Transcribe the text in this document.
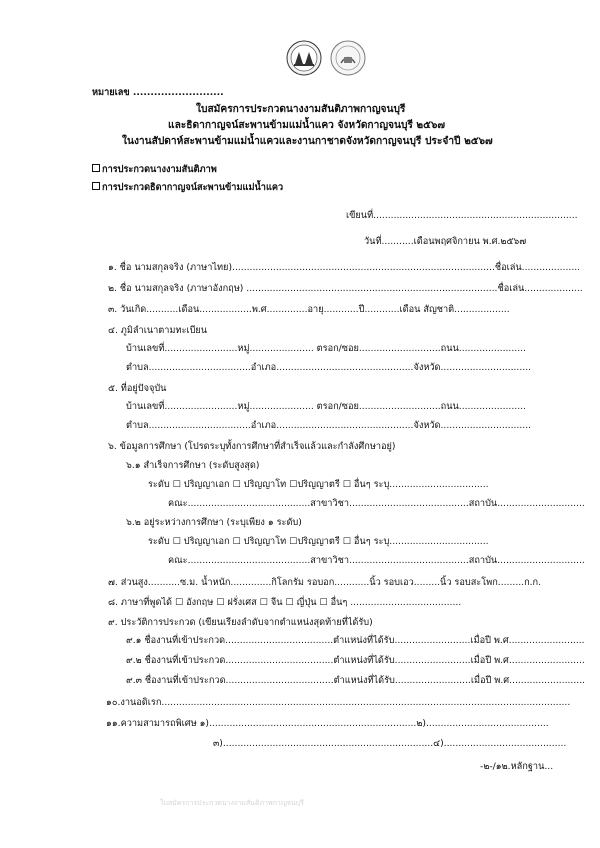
หมายเลข ..........................
ใบสมัครการประกวดนางงามสันติภาพกาญจนบุรี
และธิดากาญจน์สะพานข้ามแม่น้ำแคว จังหวัดกาญจนบุรี ๒๕๖๗
ในงานสัปดาห์สะพานข้ามแม่น้ำแควและงานกาชาดจังหวัดกาญจนบุรี ประจำปี ๒๕๖๗
การประกวดนางงามสันติภาพ
การประกวดธิดากาญจน์สะพานข้ามแม่น้ำแคว
เขียนที่......................................................................
วันที่...........เดือนพฤศจิกายน พ.ศ.๒๕๖๗
๑. ชื่อ นามสกุลจริง (ภาษาไทย)..........................................................................................ชื่อเล่น....................
๒. ชื่อ นามสกุลจริง (ภาษาอังกฤษ) ......................................................................................ชื่อเล่น....................
๓. วันเกิด...........เดือน..................พ.ศ..............อายุ............ปี............เดือน สัญชาติ...................
๔. ภูมิลำเนาตามทะเบียน
บ้านเลขที่.........................หมู่...................... ตรอก/ซอย............................ถนน.......................
ตำบล...................................อำเภอ...............................................จังหวัด...............................
๕. ที่อยู่ปัจจุบัน
บ้านเลขที่.........................หมู่...................... ตรอก/ซอย............................ถนน.......................
ตำบล...................................อำเภอ...............................................จังหวัด...............................
๖. ข้อมูลการศึกษา (โปรดระบุทั้งการศึกษาที่สำเร็จแล้วและกำลังศึกษาอยู่)
๖.๑ สำเร็จการศึกษา (ระดับสูงสุด)
ระดับ ☐ ปริญญาเอก ☐ ปริญญาโท ☐ปริญญาตรี ☐ อื่นๆ ระบุ..................................
คณะ..........................................สาขาวิชา.........................................สถาบัน..............................
๖.๒ อยู่ระหว่างการศึกษา (ระบุเพียง ๑ ระดับ)
ระดับ ☐ ปริญญาเอก ☐ ปริญญาโท ☐ปริญญาตรี ☐ อื่นๆ ระบุ..................................
คณะ..........................................สาขาวิชา.........................................สถาบัน..............................
๗. ส่วนสูง...........ซ.ม. น้ำหนัก..............กิโลกรัม รอบอก............นิ้ว รอบเอว.........นิ้ว รอบสะโพก.........ก.ก.
๘. ภาษาที่พูดได้ ☐ อังกฤษ ☐ ฝรั่งเศส ☐ จีน ☐ ญี่ปุ่น ☐ อื่นๆ ......................................
๙. ประวัติการประกวด (เขียนเรียงลำดับจากตำแหน่งสุดท้ายที่ได้รับ)
๙.๑ ชื่องานที่เข้าประกวด.....................................ตำแหน่งที่ได้รับ..........................เมื่อปี พ.ศ..........................
๙.๒ ชื่องานที่เข้าประกวด.....................................ตำแหน่งที่ได้รับ..........................เมื่อปี พ.ศ..........................
๙.๓ ชื่องานที่เข้าประกวด.....................................ตำแหน่งที่ได้รับ..........................เมื่อปี พ.ศ..........................
๑๐.งานอดิเรก............................................................................................................................................
๑๑.ความสามารถพิเศษ ๑).......................................................................๒)..........................................
๓)........................................................................๔)..........................................
-๒-/๑๒.หลักฐาน...
ใบสมัครการประกวดนางงามสันติภาพกาญจนบุรี
